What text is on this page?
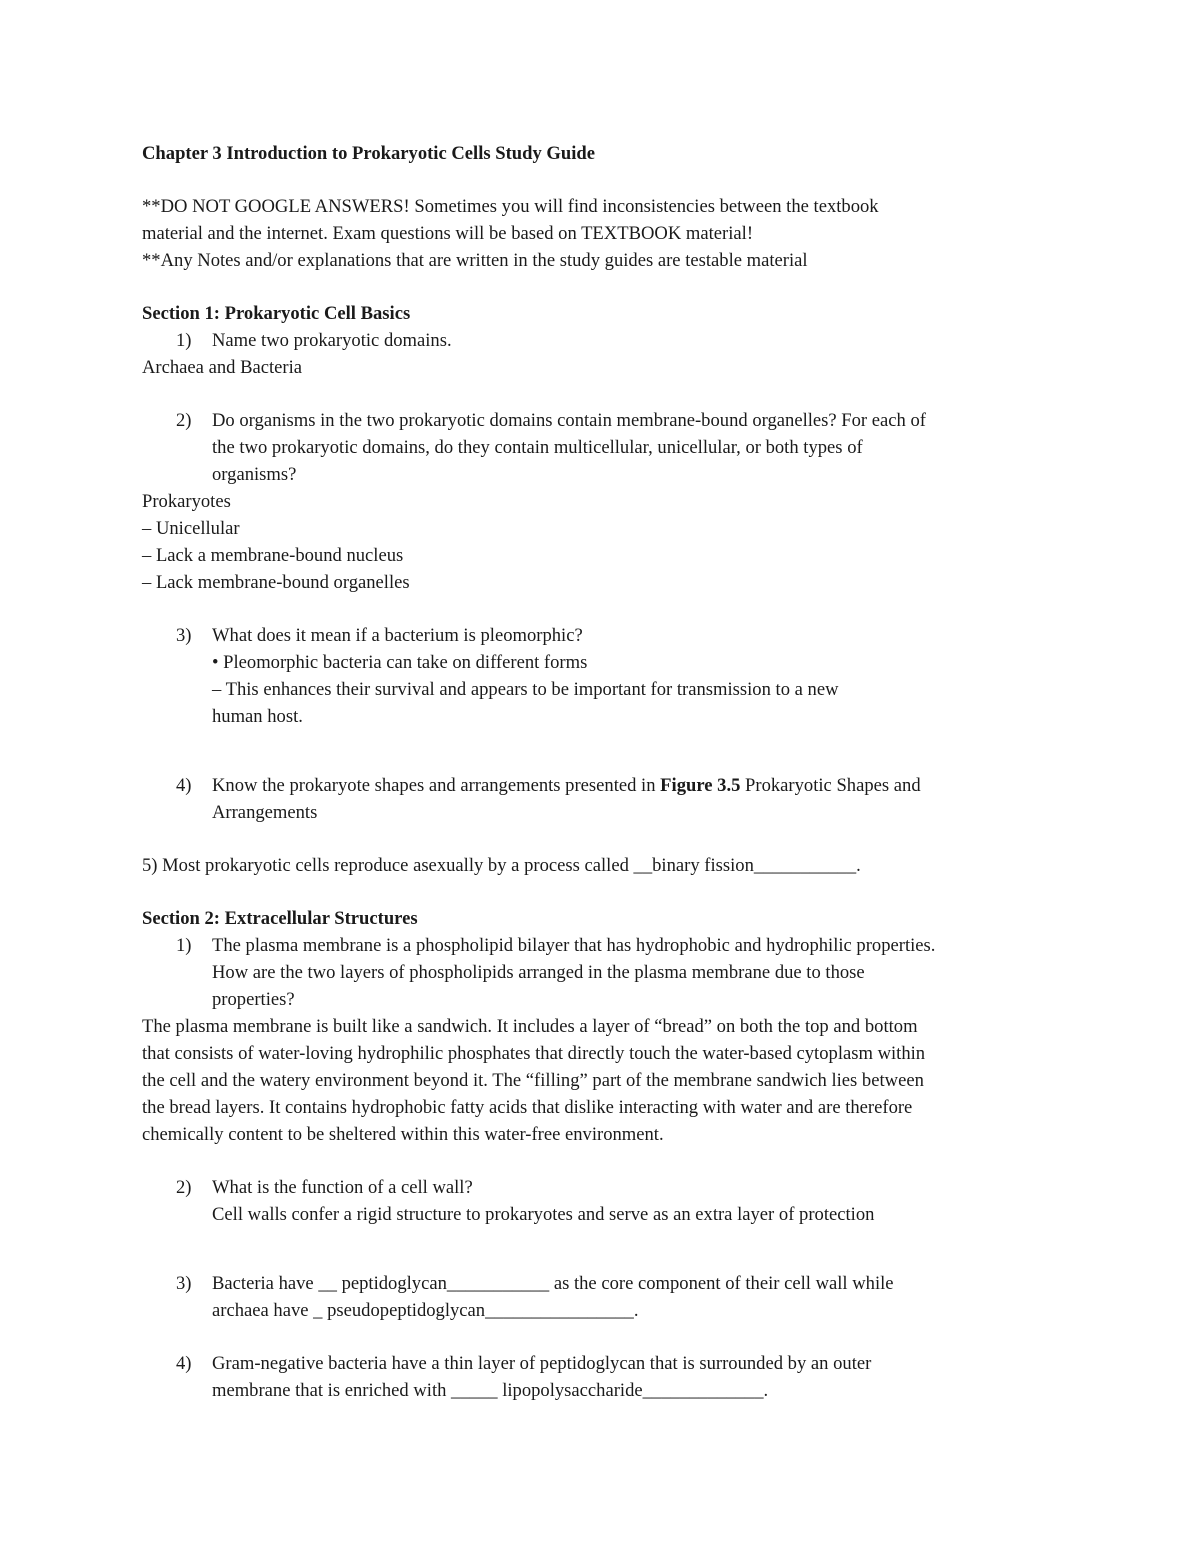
Chapter 3 Introduction to Prokaryotic Cells Study Guide
**DO NOT GOOGLE ANSWERS! Sometimes you will find inconsistencies between the textbook
material and the internet. Exam questions will be based on TEXTBOOK material!
**Any Notes and/or explanations that are written in the study guides are testable material
Section 1: Prokaryotic Cell Basics
1) Name two prokaryotic domains.
Archaea and Bacteria
2) Do organisms in the two prokaryotic domains contain membrane-bound organelles? For each of
the two prokaryotic domains, do they contain multicellular, unicellular, or both types of
organisms?
Prokaryotes
– Unicellular
– Lack a membrane-bound nucleus
– Lack membrane-bound organelles
3) What does it mean if a bacterium is pleomorphic?
• Pleomorphic bacteria can take on different forms
– This enhances their survival and appears to be important for transmission to a new
human host.
4) Know the prokaryote shapes and arrangements presented in Figure 3.5 Prokaryotic Shapes and
Arrangements
5) Most prokaryotic cells reproduce asexually by a process called __binary fission___________.
Section 2: Extracellular Structures
1) The plasma membrane is a phospholipid bilayer that has hydrophobic and hydrophilic properties.
How are the two layers of phospholipids arranged in the plasma membrane due to those
properties?
The plasma membrane is built like a sandwich. It includes a layer of “bread” on both the top and bottom
that consists of water-loving hydrophilic phosphates that directly touch the water-based cytoplasm within
the cell and the watery environment beyond it. The “filling” part of the membrane sandwich lies between
the bread layers. It contains hydrophobic fatty acids that dislike interacting with water and are therefore
chemically content to be sheltered within this water-free environment.
2) What is the function of a cell wall?
Cell walls confer a rigid structure to prokaryotes and serve as an extra layer of protection
3) Bacteria have __ peptidoglycan___________ as the core component of their cell wall while
archaea have _ pseudopeptidoglycan________________.
4) Gram-negative bacteria have a thin layer of peptidoglycan that is surrounded by an outer
membrane that is enriched with _____ lipopolysaccharide_____________.
